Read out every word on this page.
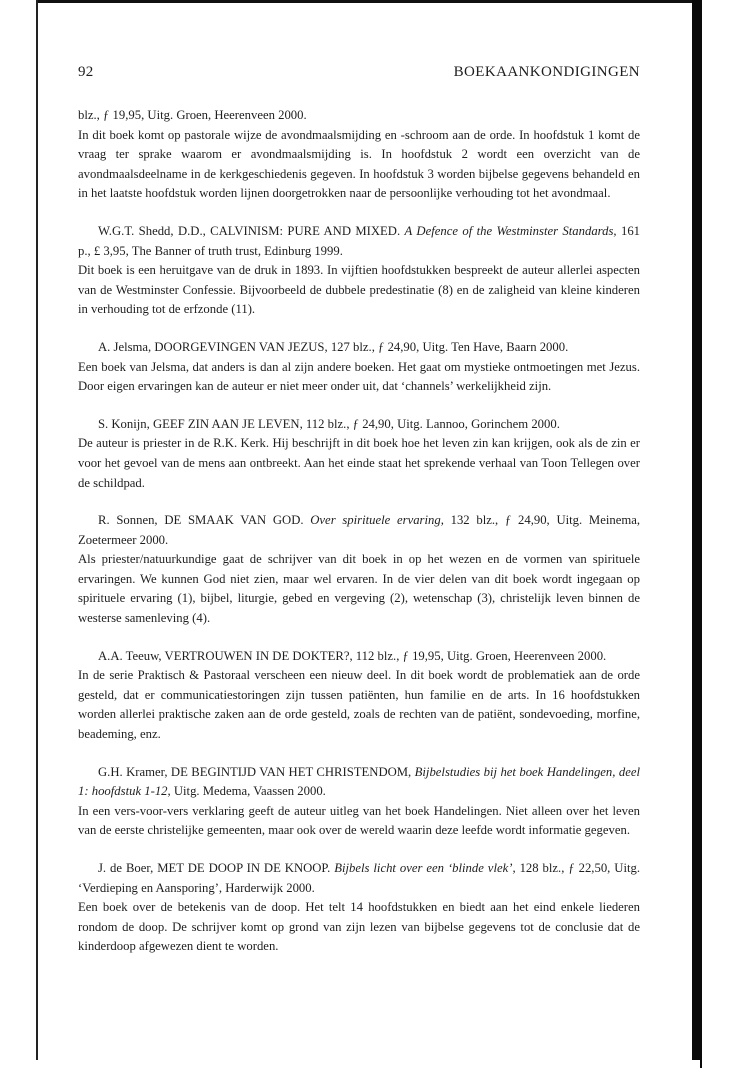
92	BOEKAANKONDIGINGEN

blz., ƒ 19,95, Uitg. Groen, Heerenveen 2000.

In dit boek komt op pastorale wijze de avondmaalsmijding en -schroom aan de orde. In hoofdstuk 1 komt de vraag ter sprake waarom er avondmaalsmijding is. In hoofdstuk 2 wordt een overzicht van de avondmaalsdeelname in de kerkgeschiedenis gegeven. In hoofdstuk 3 worden bijbelse gegevens behandeld en in het laatste hoofdstuk worden lijnen doorgetrokken naar de persoonlijke verhouding tot het avondmaal.

W.G.T. Shedd, D.D., CALVINISM: PURE AND MIXED. A Defence of the Westminster Standards, 161 p., £ 3,95, The Banner of truth trust, Edinburg 1999.

Dit boek is een heruitgave van de druk in 1893. In vijftien hoofdstukken bespreekt de auteur allerlei aspecten van de Westminster Confessie. Bijvoorbeeld de dubbele predestinatie (8) en de zaligheid van kleine kinderen in verhouding tot de erfzonde (11).

A. Jelsma, DOORGEVINGEN VAN JEZUS, 127 blz., ƒ 24,90, Uitg. Ten Have, Baarn 2000.

Een boek van Jelsma, dat anders is dan al zijn andere boeken. Het gaat om mystieke ontmoetingen met Jezus. Door eigen ervaringen kan de auteur er niet meer onder uit, dat ‘channels’ werkelijkheid zijn.

S. Konijn, GEEF ZIN AAN JE LEVEN, 112 blz., ƒ 24,90, Uitg. Lannoo, Gorinchem 2000.

De auteur is priester in de R.K. Kerk. Hij beschrijft in dit boek hoe het leven zin kan krijgen, ook als de zin er voor het gevoel van de mens aan ontbreekt. Aan het einde staat het sprekende verhaal van Toon Tellegen over de schildpad.

R. Sonnen, DE SMAAK VAN GOD. Over spirituele ervaring, 132 blz., ƒ 24,90, Uitg. Meinema, Zoetermeer 2000.

Als priester/natuurkundige gaat de schrijver van dit boek in op het wezen en de vormen van spirituele ervaringen. We kunnen God niet zien, maar wel ervaren. In de vier delen van dit boek wordt ingegaan op spirituele ervaring (1), bijbel, liturgie, gebed en vergeving (2), wetenschap (3), christelijk leven binnen de westerse samenleving (4).

A.A. Teeuw, VERTROUWEN IN DE DOKTER?, 112 blz., ƒ 19,95, Uitg. Groen, Heerenveen 2000.

In de serie Praktisch & Pastoraal verscheen een nieuw deel. In dit boek wordt de problematiek aan de orde gesteld, dat er communicatiestoringen zijn tussen patiënten, hun familie en de arts. In 16 hoofdstukken worden allerlei praktische zaken aan de orde gesteld, zoals de rechten van de patiënt, sondevoeding, morfine, beademing, enz.

G.H. Kramer, DE BEGINTIJD VAN HET CHRISTENDOM, Bijbelstudies bij het boek Handelingen, deel 1: hoofdstuk 1-12, Uitg. Medema, Vaassen 2000.

In een vers-voor-vers verklaring geeft de auteur uitleg van het boek Handelingen. Niet alleen over het leven van de eerste christelijke gemeenten, maar ook over de wereld waarin deze leefde wordt informatie gegeven.

J. de Boer, MET DE DOOP IN DE KNOOP. Bijbels licht over een ‘blinde vlek’, 128 blz., ƒ 22,50, Uitg. ‘Verdieping en Aansporing’, Harderwijk 2000.

Een boek over de betekenis van de doop. Het telt 14 hoofdstukken en biedt aan het eind enkele liederen rondom de doop. De schrijver komt op grond van zijn lezen van bijbelse gegevens tot de conclusie dat de kinderdoop afgewezen dient te worden.
